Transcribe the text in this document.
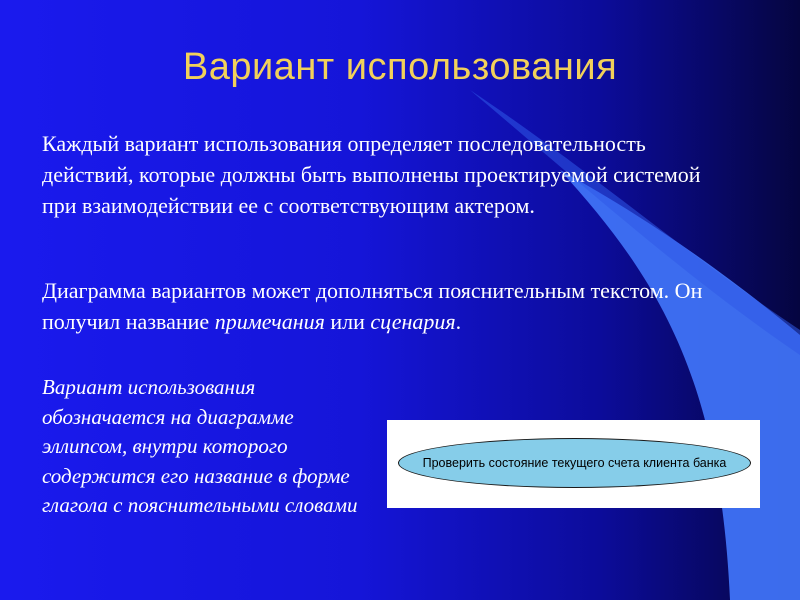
Вариант использования

Каждый вариант использования определяет последовательность действий, которые должны быть выполнены проектируемой системой при взаимодействии ее с соответствующим актером.

Диаграмма вариантов может дополняться пояснительным текстом. Он получил название примечания или сценария.

Вариант использования обозначается на диаграмме эллипсом, внутри которого содержится его название в форме глагола с пояснительными словами

Проверить состояние текущего счета клиента банка
